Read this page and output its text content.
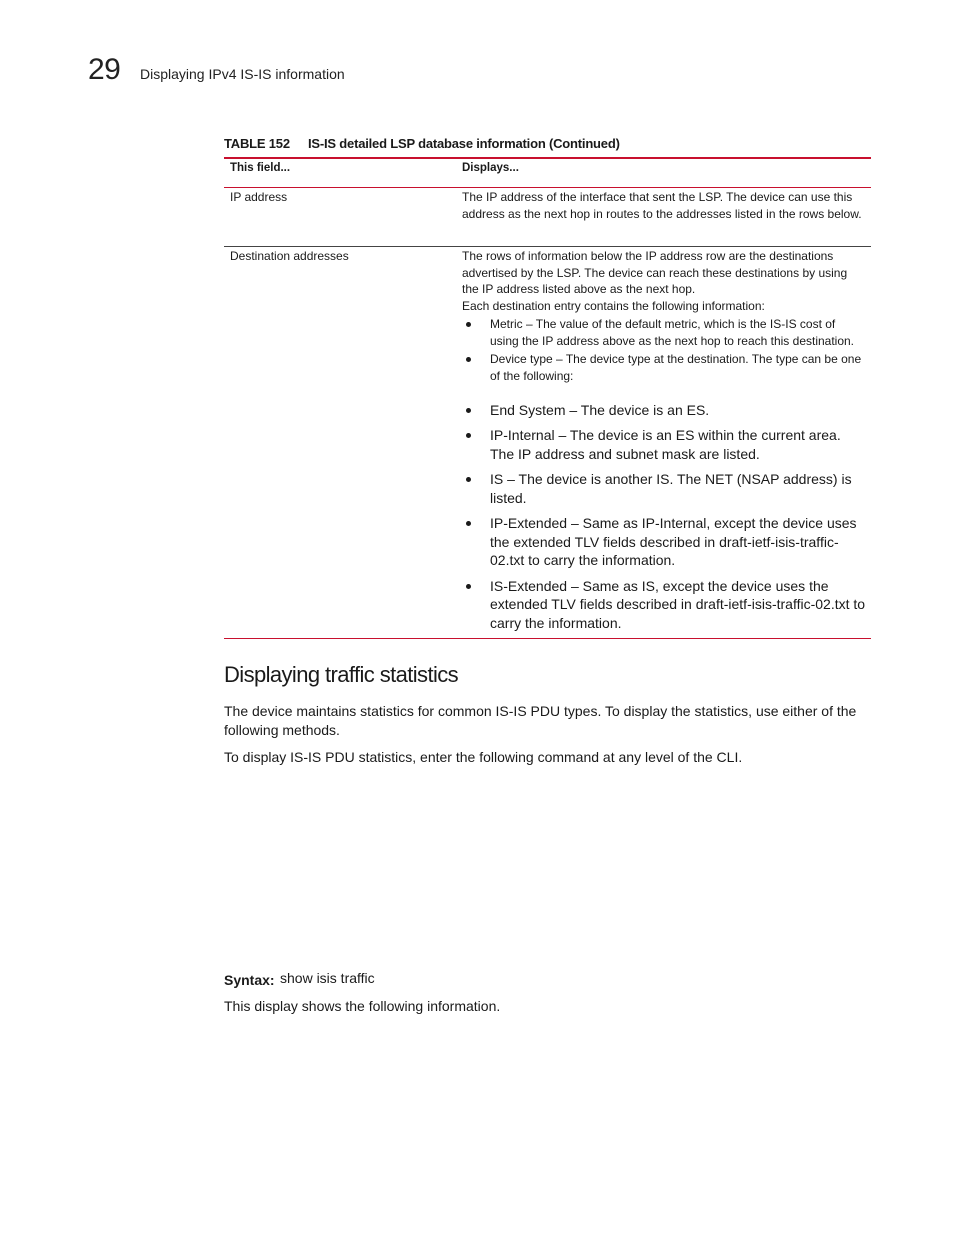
29 Displaying IPv4 IS-IS information
TABLE 152 IS-IS detailed LSP database information (Continued)
This field...	Displays...
IP address	The IP address of the interface that sent the LSP. The device can use this address as the next hop in routes to the addresses listed in the rows below.
Destination addresses	The rows of information below the IP address row are the destinations advertised by the LSP. The device can reach these destinations by using the IP address listed above as the next hop.
Each destination entry contains the following information:
Metric – The value of the default metric, which is the IS-IS cost of using the IP address above as the next hop to reach this destination.
Device type – The device type at the destination. The type can be one of the following:
End System – The device is an ES.
IP-Internal – The device is an ES within the current area. The IP address and subnet mask are listed.
IS – The device is another IS. The NET (NSAP address) is listed.
IP-Extended – Same as IP-Internal, except the device uses the extended TLV fields described in draft-ietf-isis-traffic-02.txt to carry the information.
IS-Extended – Same as IS, except the device uses the extended TLV fields described in draft-ietf-isis-traffic-02.txt to carry the information.
Displaying traffic statistics

The device maintains statistics for common IS-IS PDU types. To display the statistics, use either of the following methods.

To display IS-IS PDU statistics, enter the following command at any level of the CLI.

Syntax: show isis traffic

This display shows the following information.
